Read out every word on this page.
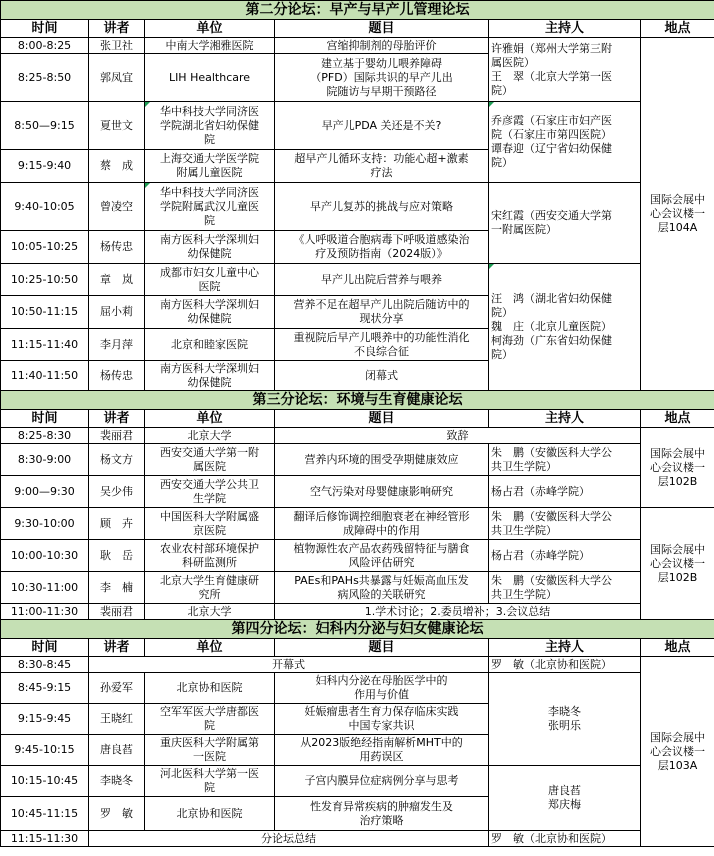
第二分论坛：早产与早产儿管理论坛					
时间	讲者	单位	题目	主持人	地点
8:00-8:25	张卫社	中南大学湘雅医院	宫缩抑制剂的母胎评价	许雅娟（郑州大学第三附
属医院）
王　翠（北京大学第一医
院）	国际会展中
心会议楼一
层104A
8:25-8:50	郭凤宜	LIH Healthcare	建立基于婴幼儿喂养障碍
（PFD）国际共识的早产儿出
院随访与早期干预路径		
8:50—9:15	夏世文	华中科技大学同济医
学院湖北省妇幼保健
院	早产儿PDA 关还是不关?	乔彦霞（石家庄市妇产医
院（石家庄市第四医院）
谭春迎（辽宁省妇幼保健
院）	
9:15-9:40	蔡　成	上海交通大学医学院
附属儿童医院	超早产儿循环支持：功能心超+激素
疗法		
9:40-10:05	曾凌空	华中科技大学同济医
学院附属武汉儿童医
院	早产儿复苏的挑战与应对策略	宋红霞（西安交通大学第
一附属医院）	
10:05-10:25	杨传忠	南方医科大学深圳妇
幼保健院	《人呼吸道合胞病毒下呼吸道感染治
疗及预防指南（2024版）》		
10:25-10:50	章　岚	成都市妇女儿童中心
医院	早产儿出院后营养与喂养	汪　鸿（湖北省妇幼保健
院）
魏　庄（北京儿童医院）
柯海劲（广东省妇幼保健
院）	
10:50-11:15	屈小莉	南方医科大学深圳妇
幼保健院	营养不足在超早产儿出院后随访中的
现状分享		
11:15-11:40	李月萍	北京和睦家医院	重视院后早产儿喂养中的功能性消化
不良综合征		
11:40-11:50	杨传忠	南方医科大学深圳妇
幼保健院	闭幕式		
第三分论坛：环境与生育健康论坛					
时间	讲者	单位	题目	主持人	地点
8:25-8:30	裴丽君	北京大学	致辞		国际会展中
心会议楼一
层102B
8:30-9:00	杨文方	西安交通大学第一附
属医院	营养内环境的围受孕期健康效应	朱　鹏（安徽医科大学公
共卫生学院）	
9:00—9:30	吴少伟	西安交通大学公共卫
生学院	空气污染对母婴健康影响研究	杨占君（赤峰学院）	
9:30-10:00	顾　卉	中国医科大学附属盛
京医院	翻译后修饰调控细胞衰老在神经管形
成障碍中的作用	朱　鹏（安徽医科大学公
共卫生学院）	国际会展中
心会议楼一
层102B
10:00-10:30	耿　岳	农业农村部环境保护
科研监测所	植物源性农产品农药残留特征与膳食
风险评估研究	杨占君（赤峰学院）	
10:30-11:00	李　楠	北京大学生育健康研
究所	PAEs和PAHs共暴露与妊娠高血压发
病风险的关联研究	朱　鹏（安徽医科大学公
共卫生学院）	
11:00-11:30	裴丽君	北京大学	1.学术讨论；2.委员增补；3.会议总结		
第四分论坛：妇科内分泌与妇女健康论坛					
时间	讲者	单位	题目	主持人	地点
8:30-8:45	开幕式			罗　敏（北京协和医院）	国际会展中
心会议楼一
层103A
8:45-9:15	孙爱军	北京协和医院	妇科内分泌在母胎医学中的
作用与价值	李晓冬
张明乐	
9:15-9:45	王晓红	空军军医大学唐都医
院	妊娠瘤患者生育力保存临床实践
中国专家共识		
9:45-10:15	唐良萏	重庆医科大学附属第
一医院	从2023版绝经指南解析MHT中的
用药误区		
10:15-10:45	李晓冬	河北医科大学第一医
院	子宫内膜异位症病例分享与思考	唐良萏
郑庆梅	
10:45-11:15	罗　敏	北京协和医院	性发育异常疾病的肿瘤发生及
治疗策略		
11:15-11:30	分论坛总结			罗　敏（北京协和医院）	
